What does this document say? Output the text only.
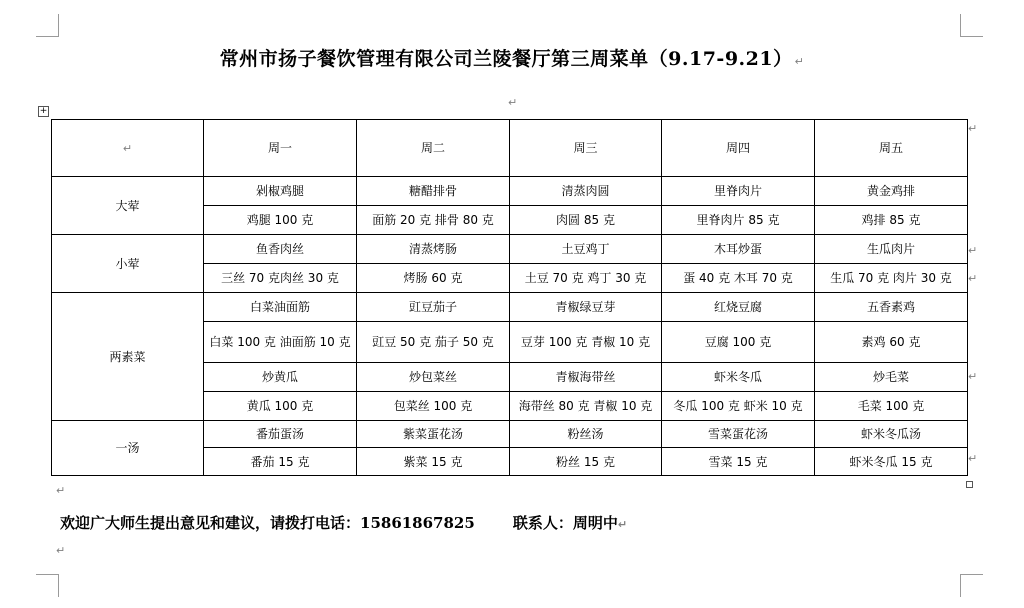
常州市扬子餐饮管理有限公司兰陵餐厅第三周菜单（9.17-9.21） ↵
↵
+
↵	周一	周二	周三	周四	周五
大荤	剁椒鸡腿	糖醋排骨	清蒸肉圆	里脊肉片	黄金鸡排
	鸡腿 100 克	面筋 20 克 排骨 80 克	肉圆 85 克	里脊肉片 85 克	鸡排 85 克
小荤	鱼香肉丝	清蒸烤肠	土豆鸡丁	木耳炒蛋	生瓜肉片
	三丝 70 克肉丝 30 克	烤肠 60 克	土豆 70 克 鸡丁 30 克	蛋 40 克 木耳 70 克	生瓜 70 克 肉片 30 克
两素菜	白菜油面筋	豇豆茄子	青椒绿豆芽	红烧豆腐	五香素鸡
	白菜 100 克 油面筋 10 克	豇豆 50 克 茄子 50 克	豆芽 100 克 青椒 10 克	豆腐 100 克	素鸡 60 克
	炒黄瓜	炒包菜丝	青椒海带丝	虾米冬瓜	炒毛菜
	黄瓜 100 克	包菜丝 100 克	海带丝 80 克 青椒 10 克	冬瓜 100 克 虾米 10 克	毛菜 100 克
一汤	番茄蛋汤	紫菜蛋花汤	粉丝汤	雪菜蛋花汤	虾米冬瓜汤
	番茄 15 克	紫菜 15 克	粉丝 15 克	雪菜 15 克	虾米冬瓜 15 克
↵
↵
↵
↵
↵
↵
欢迎广大师生提出意见和建议，请拨打电话：15861867825	联系人：周明中↵
↵
